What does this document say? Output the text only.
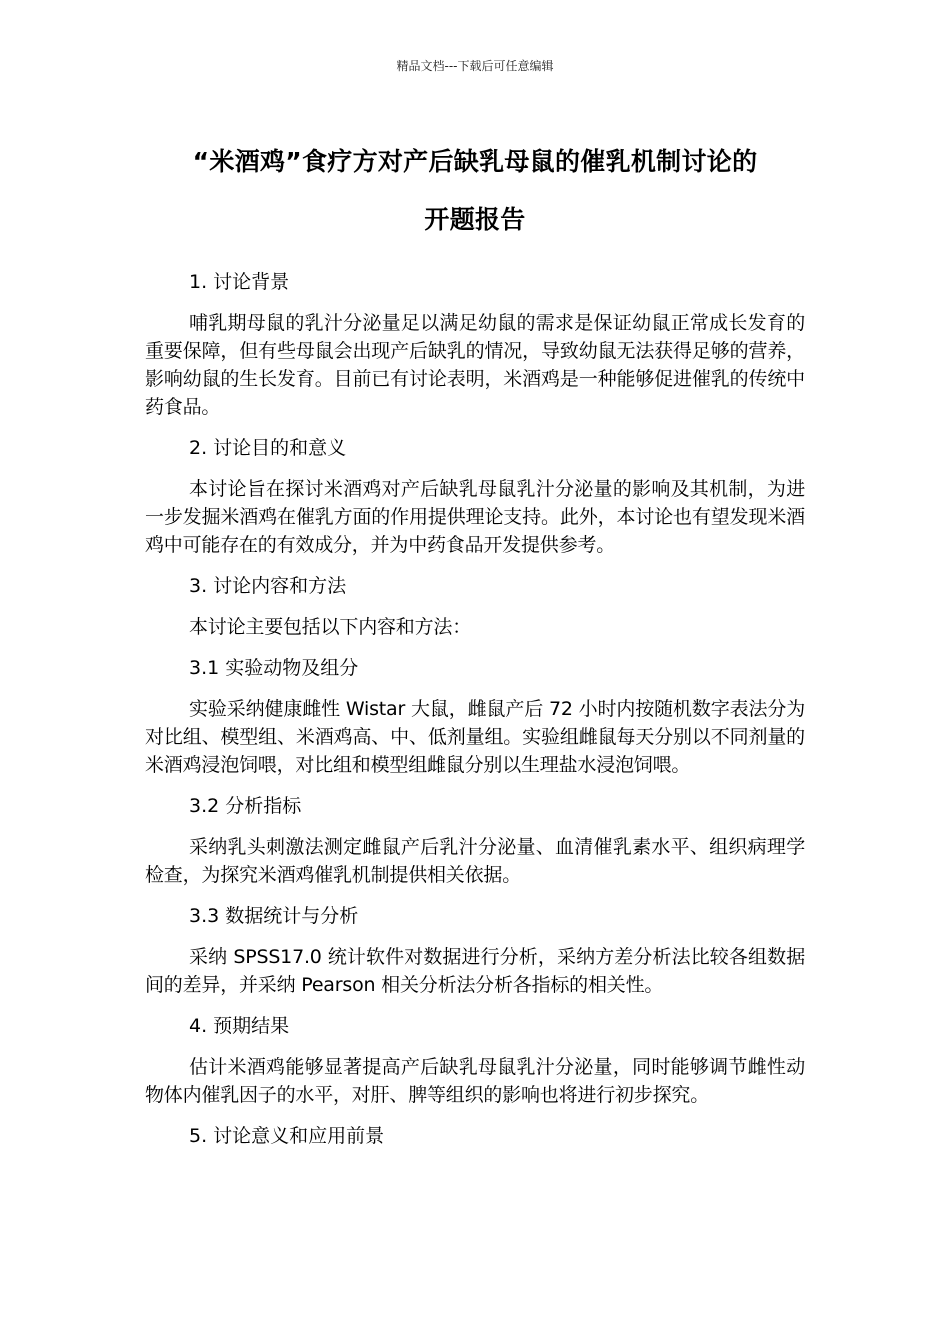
精品文档---下载后可任意编辑
“米酒鸡”食疗方对产后缺乳母鼠的催乳机制讨论的
开题报告
1. 讨论背景
哺乳期母鼠的乳汁分泌量足以满足幼鼠的需求是保证幼鼠正常成长发育的重要保障，但有些母鼠会出现产后缺乳的情况，导致幼鼠无法获得足够的营养，影响幼鼠的生长发育。目前已有讨论表明，米酒鸡是一种能够促进催乳的传统中药食品。
2. 讨论目的和意义
本讨论旨在探讨米酒鸡对产后缺乳母鼠乳汁分泌量的影响及其机制，为进一步发掘米酒鸡在催乳方面的作用提供理论支持。此外，本讨论也有望发现米酒鸡中可能存在的有效成分，并为中药食品开发提供参考。
3. 讨论内容和方法
本讨论主要包括以下内容和方法：
3.1 实验动物及组分
实验采纳健康雌性 Wistar 大鼠，雌鼠产后 72 小时内按随机数字表法分为对比组、模型组、米酒鸡高、中、低剂量组。实验组雌鼠每天分别以不同剂量的米酒鸡浸泡饲喂，对比组和模型组雌鼠分别以生理盐水浸泡饲喂。
3.2 分析指标
采纳乳头刺激法测定雌鼠产后乳汁分泌量、血清催乳素水平、组织病理学检查，为探究米酒鸡催乳机制提供相关依据。
3.3 数据统计与分析
采纳 SPSS17.0 统计软件对数据进行分析，采纳方差分析法比较各组数据间的差异，并采纳 Pearson 相关分析法分析各指标的相关性。
4. 预期结果
估计米酒鸡能够显著提高产后缺乳母鼠乳汁分泌量，同时能够调节雌性动物体内催乳因子的水平，对肝、脾等组织的影响也将进行初步探究。
5. 讨论意义和应用前景
